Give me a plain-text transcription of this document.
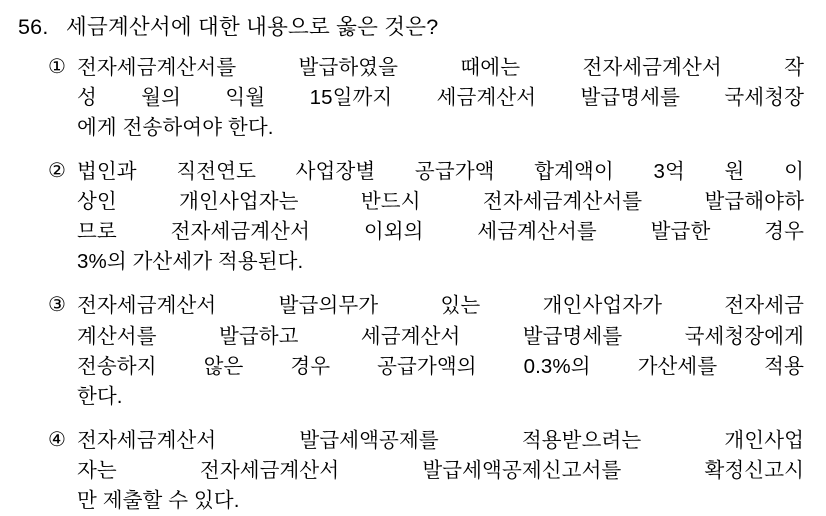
56. 세금계산서에 대한 내용으로 옳은 것은?
① 전자세금계산서를 발급하였을 때에는 전자세금계산서 작
성 월의 익월 15일까지 세금계산서 발급명세를 국세청장
에게 전송하여야 한다.
② 법인과 직전연도 사업장별 공급가액 합계액이 3억 원 이
상인 개인사업자는 반드시 전자세금계산서를 발급해야하
므로 전자세금계산서 이외의 세금계산서를 발급한 경우
3%의 가산세가 적용된다.
③ 전자세금계산서 발급의무가 있는 개인사업자가 전자세금
계산서를 발급하고 세금계산서 발급명세를 국세청장에게
전송하지 않은 경우 공급가액의 0.3%의 가산세를 적용
한다.
④ 전자세금계산서 발급세액공제를 적용받으려는 개인사업
자는 전자세금계산서 발급세액공제신고서를 확정신고시
만 제출할 수 있다.
